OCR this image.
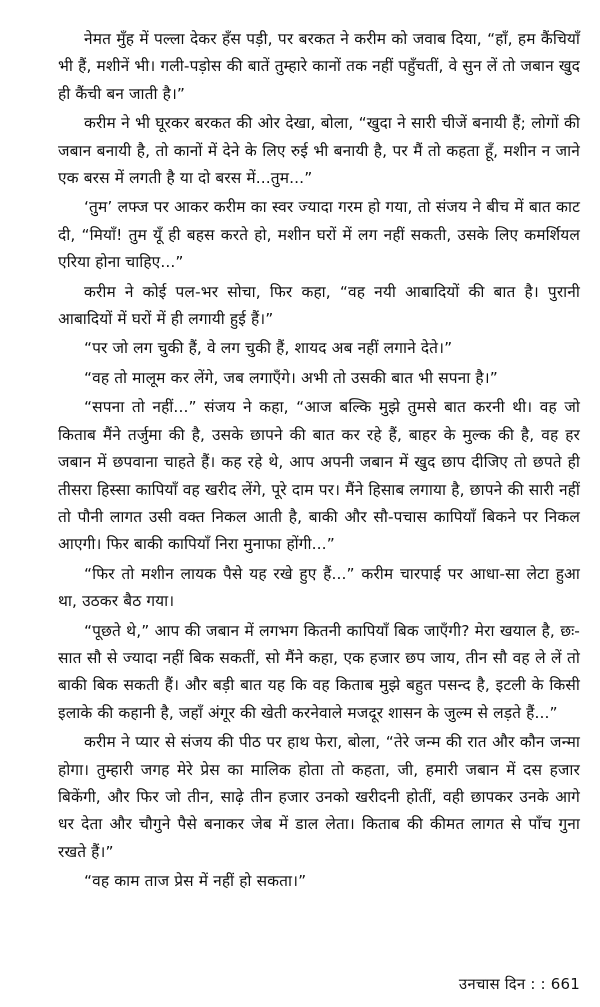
नेमत मुँह में पल्ला देकर हँस पड़ी, पर बरकत ने करीम को जवाब दिया, “हाँ, हम कैंचियाँ भी हैं, मशीनें भी। गली-पड़ोस की बातें तुम्हारे कानों तक नहीं पहुँचतीं, वे सुन लें तो जबान खुद ही कैंची बन जाती है।”

करीम ने भी घूरकर बरकत की ओर देखा, बोला, “खुदा ने सारी चीजें बनायी हैं; लोगों की जबान बनायी है, तो कानों में देने के लिए रुई भी बनायी है, पर मैं तो कहता हूँ, मशीन न जाने एक बरस में लगती है या दो बरस में...तुम...”

‘तुम’ लफ्ज पर आकर करीम का स्वर ज्यादा गरम हो गया, तो संजय ने बीच में बात काट दी, “मियाँ! तुम यूँ ही बहस करते हो, मशीन घरों में लग नहीं सकती, उसके लिए कमर्शियल एरिया होना चाहिए...”

करीम ने कोई पल-भर सोचा, फिर कहा, “वह नयी आबादियों की बात है। पुरानी आबादियों में घरों में ही लगायी हुई हैं।”

“पर जो लग चुकी हैं, वे लग चुकी हैं, शायद अब नहीं लगाने देते।”

“वह तो मालूम कर लेंगे, जब लगाएँगे। अभी तो उसकी बात भी सपना है।”

“सपना तो नहीं...” संजय ने कहा, “आज बल्कि मुझे तुमसे बात करनी थी। वह जो किताब मैंने तर्जुमा की है, उसके छापने की बात कर रहे हैं, बाहर के मुल्क की है, वह हर जबान में छपवाना चाहते हैं। कह रहे थे, आप अपनी जबान में खुद छाप दीजिए तो छपते ही तीसरा हिस्सा कापियाँ वह खरीद लेंगे, पूरे दाम पर। मैंने हिसाब लगाया है, छापने की सारी नहीं तो पौनी लागत उसी वक्त निकल आती है, बाकी और सौ-पचास कापियाँ बिकने पर निकल आएगी। फिर बाकी कापियाँ निरा मुनाफा होंगी...”

“फिर तो मशीन लायक पैसे यह रखे हुए हैं...” करीम चारपाई पर आधा-सा लेटा हुआ था, उठकर बैठ गया।

“पूछते थे,” आप की जबान में लगभग कितनी कापियाँ बिक जाएँगी? मेरा खयाल है, छः-सात सौ से ज्यादा नहीं बिक सकतीं, सो मैंने कहा, एक हजार छप जाय, तीन सौ वह ले लें तो बाकी बिक सकती हैं। और बड़ी बात यह कि वह किताब मुझे बहुत पसन्द है, इटली के किसी इलाके की कहानी है, जहाँ अंगूर की खेती करनेवाले मजदूर शासन के जुल्म से लड़ते हैं...”

करीम ने प्यार से संजय की पीठ पर हाथ फेरा, बोला, “तेरे जन्म की रात और कौन जन्मा होगा। तुम्हारी जगह मेरे प्रेस का मालिक होता तो कहता, जी, हमारी जबान में दस हजार बिकेंगी, और फिर जो तीन, साढ़े तीन हजार उनको खरीदनी होतीं, वही छापकर उनके आगे धर देता और चौगुने पैसे बनाकर जेब में डाल लेता। किताब की कीमत लागत से पाँच गुना रखते हैं।”

“वह काम ताज प्रेस में नहीं हो सकता।”

उनचास दिन : : 661
